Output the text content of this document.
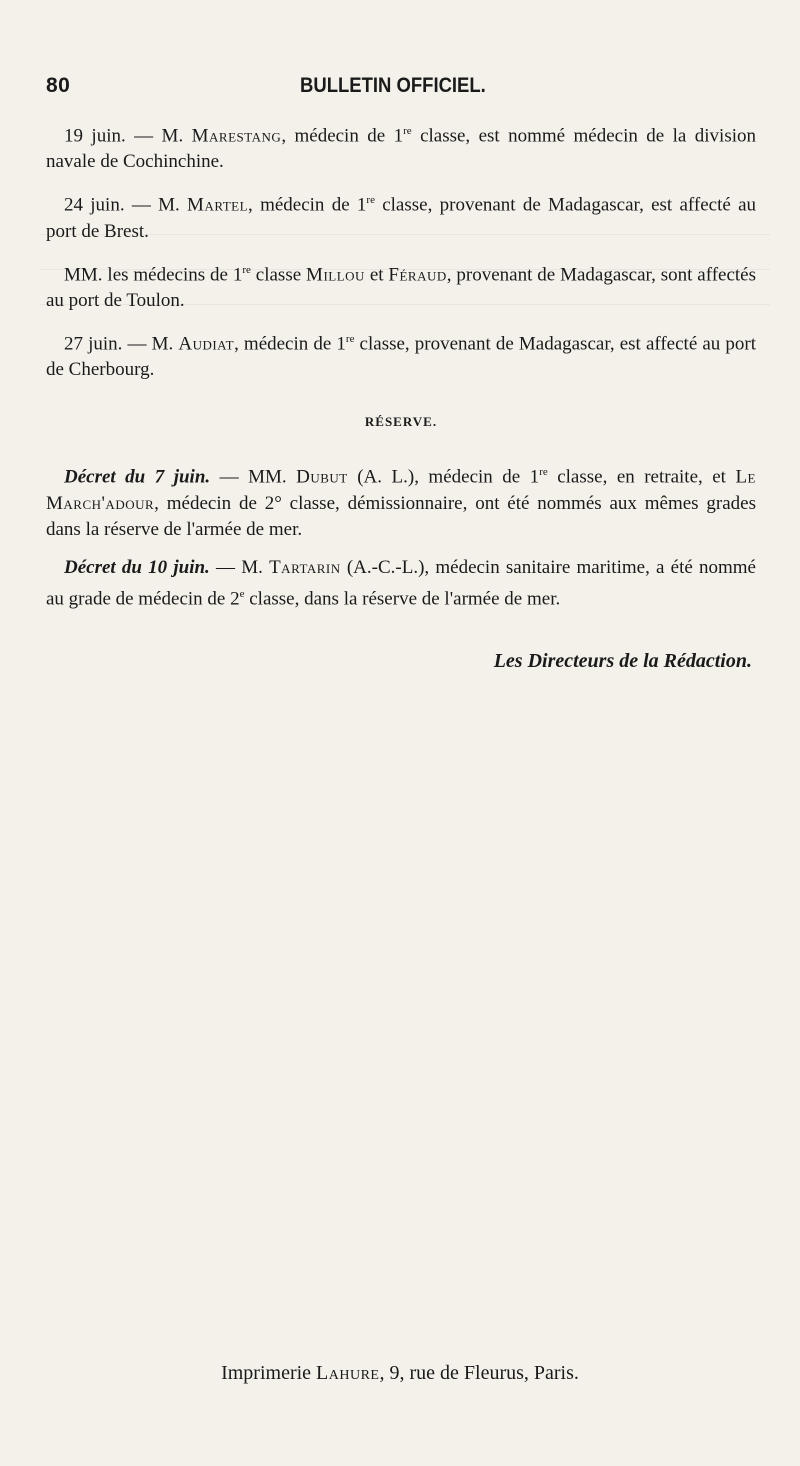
80	BULLETIN OFFICIEL.

19 juin. — M. Marestang, médecin de 1re classe, est nommé médecin de la division navale de Cochinchine.

24 juin. — M. Martel, médecin de 1re classe, provenant de Madagascar, est affecté au port de Brest.

MM. les médecins de 1re classe Millou et Féraud, provenant de Madagascar, sont affectés au port de Toulon.

27 juin. — M. Audiat, médecin de 1re classe, provenant de Madagascar, est affecté au port de Cherbourg.

RÉSERVE.

Décret du 7 juin. — MM. Dubut (A. L.), médecin de 1re classe, en retraite, et Le March'adour, médecin de 2° classe, démissionnaire, ont été nommés aux mêmes grades dans la réserve de l'armée de mer.

Décret du 10 juin. — M. Tartarin (A.-C.-L.), médecin sanitaire maritime, a été nommé au grade de médecin de 2e classe, dans la réserve de l'armée de mer.

Les Directeurs de la Rédaction.
Imprimerie Lahure, 9, rue de Fleurus, Paris.
